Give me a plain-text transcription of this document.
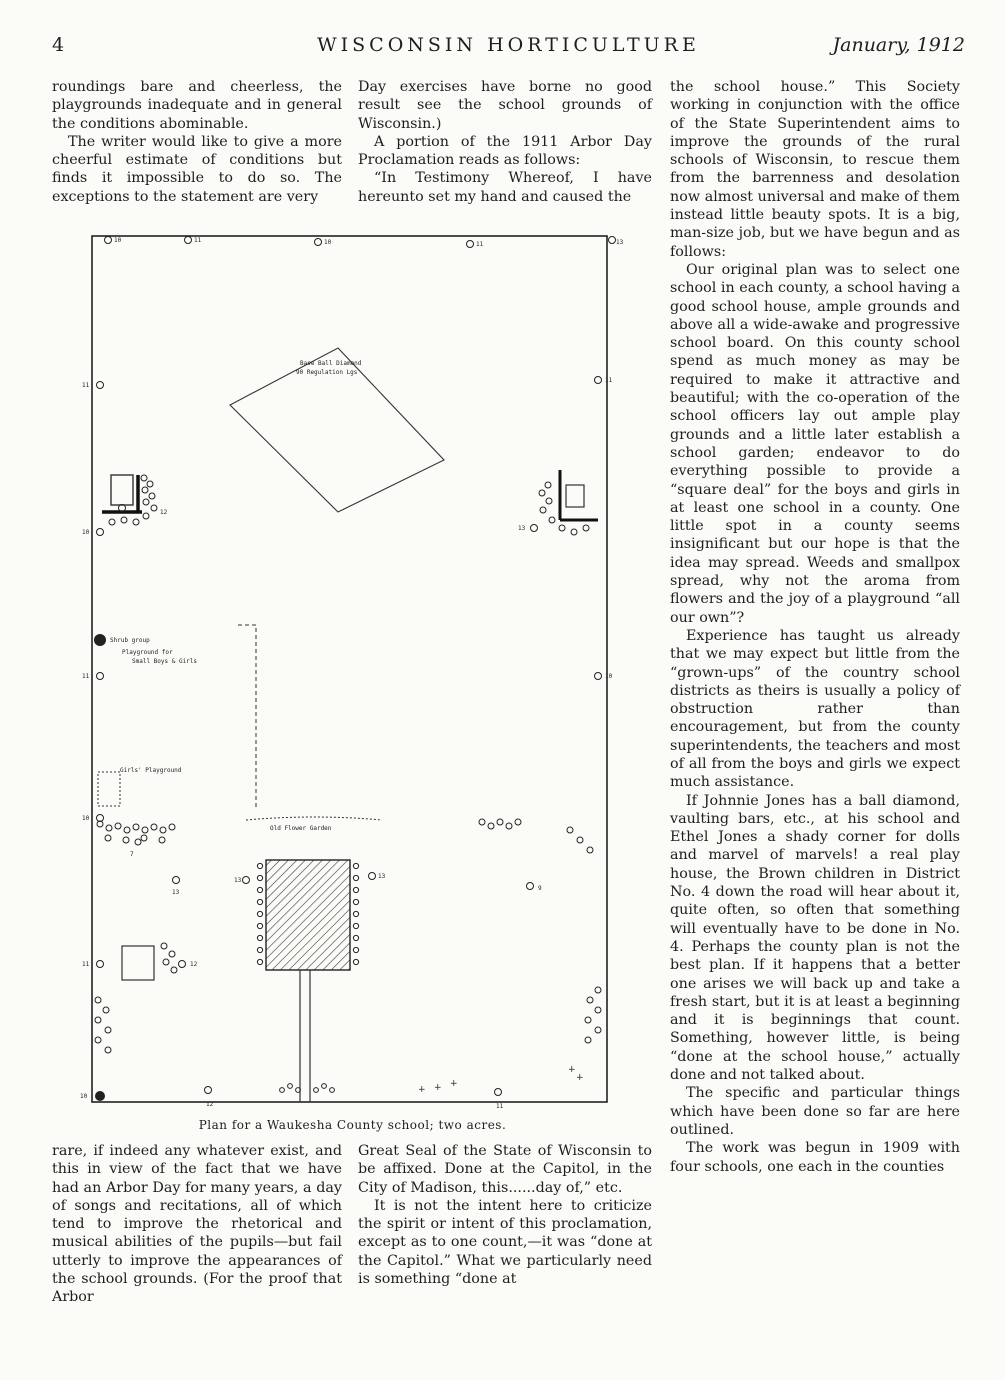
4	WISCONSIN HORTICULTURE	January, 1912

roundings bare and cheerless, the playgrounds inadequate and in general the conditions abominable.

The writer would like to give a more cheerful estimate of conditions but finds it impossible to do so. The exceptions to the statement are very

Day exercises have borne no good result see the school grounds of Wisconsin.)

A portion of the 1911 Arbor Day Proclamation reads as follows:

“In Testimony Whereof, I have hereunto set my hand and caused the

the school house.” This Society working in conjunction with the office of the State Superintendent aims to improve the grounds of the rural schools of Wisconsin, to rescue them from the barrenness and desolation now almost universal and make of them instead little beauty spots. It is a big, man-size job, but we have begun and as follows:

Our original plan was to select one school in each county, a school having a good school house, ample grounds and above all a wide-awake and progressive school board. On this county school spend as much money as may be required to make it attractive and beautiful; with the co-operation of the school officers lay out ample play grounds and a little later establish a school garden; endeavor to do everything possible to provide a “square deal” for the boys and girls in at least one school in a county. One little spot in a county seems insignificant but our hope is that the idea may spread. Weeds and smallpox spread, why not the aroma from flowers and the joy of a playground “all our own”?

Experience has taught us already that we may expect but little from the “grown-ups” of the country school districts as theirs is usually a policy of obstruction rather than encouragement, but from the county superintendents, the teachers and most of all from the boys and girls we expect much assistance.

If Johnnie Jones has a ball diamond, vaulting bars, etc., at his school and Ethel Jones a shady corner for dolls and marvel of marvels! a real play house, the Brown children in District No. 4 down the road will hear about it, quite often, so often that something will eventually have to be done in No. 4. Perhaps the county plan is not the best plan. If it happens that a better one arises we will back up and take a fresh start, but it is at least a beginning and it is beginnings that count. Something, however little, is being “done at the school house,” actually done and not talked about.

The specific and particular things which have been done so far are here outlined.

The work was begun in 1909 with four schools, one each in the counties

Base Ball Diamond
90 Regulation Lgs
Shrub group
Playground for
Small Boys & Girls
Girls' Playground
Old Flower Garden
10	11	10	11
11
11
10
11	10
10
11	12
12
13
13
9
13
13
12	11
10
13
7
+ + +
+
+
Plan for a Waukesha County school; two acres.

rare, if indeed any whatever exist, and this in view of the fact that we have had an Arbor Day for many years, a day of songs and recitations, all of which tend to improve the rhetorical and musical abilities of the pupils—but fail utterly to improve the appearances of the school grounds. (For the proof that Arbor

Great Seal of the State of Wisconsin to be affixed. Done at the Capitol, in the City of Madison, this......day of,” etc.

It is not the intent here to criticize the spirit or intent of this proclamation, except as to one count,—it was “done at the Capitol.” What we particularly need is something “done at
